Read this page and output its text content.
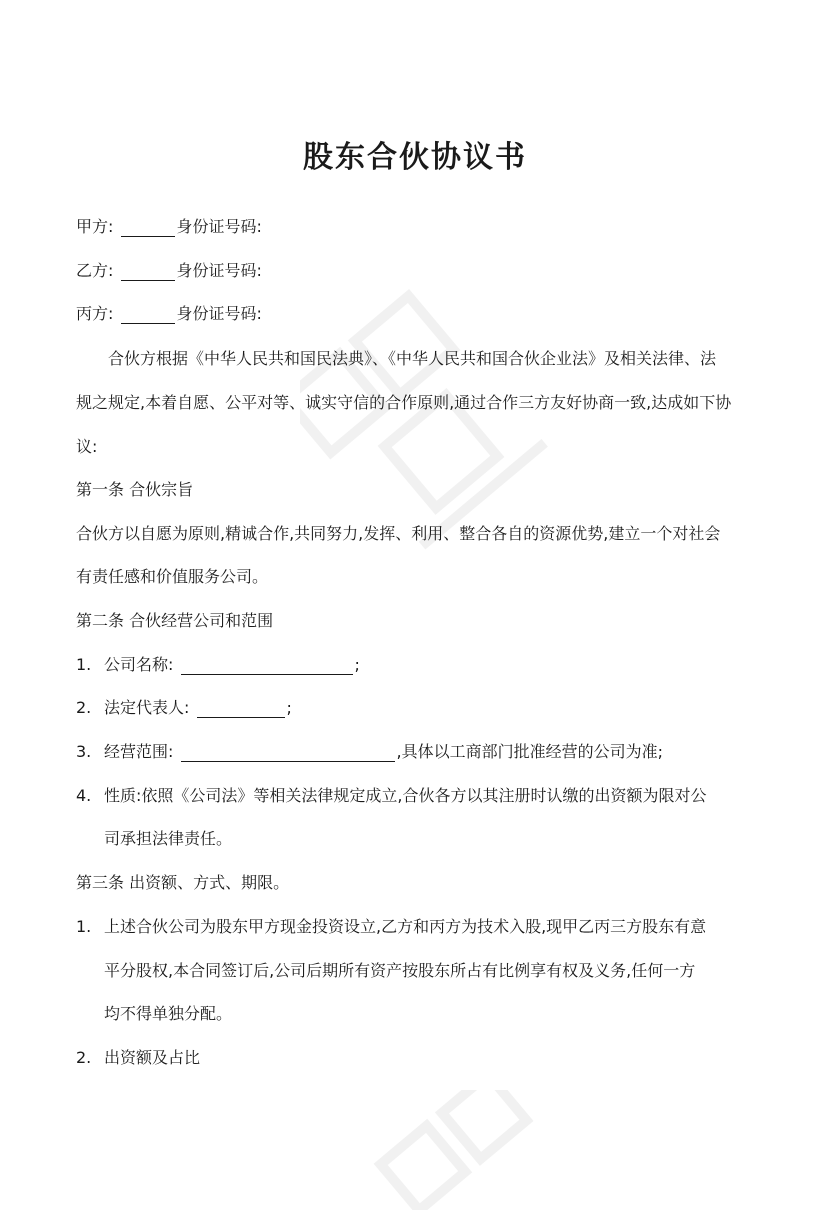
股东合伙协议书
甲方:	身份证号码:
乙方:	身份证号码:
丙方:	身份证号码:
合伙方根据《中华人民共和国民法典》、《中华人民共和国合伙企业法》及相关法律、法
规之规定,本着自愿、公平对等、诚实守信的合作原则,通过合作三方友好协商一致,达成如下协
议:
第一条 合伙宗旨
合伙方以自愿为原则,精诚合作,共同努力,发挥、利用、整合各自的资源优势,建立一个对社会
有责任感和价值服务公司。
第二条 合伙经营公司和范围
1. 公司名称:	;
2. 法定代表人:	;
3. 经营范围:	,具体以工商部门批准经营的公司为准;
4. 性质:依照《公司法》等相关法律规定成立,合伙各方以其注册时认缴的出资额为限对公
司承担法律责任。
第三条 出资额、方式、期限。
1. 上述合伙公司为股东甲方现金投资设立,乙方和丙方为技术入股,现甲乙丙三方股东有意
平分股权,本合同签订后,公司后期所有资产按股东所占有比例享有权及义务,任何一方
均不得单独分配。
2. 出资额及占比
